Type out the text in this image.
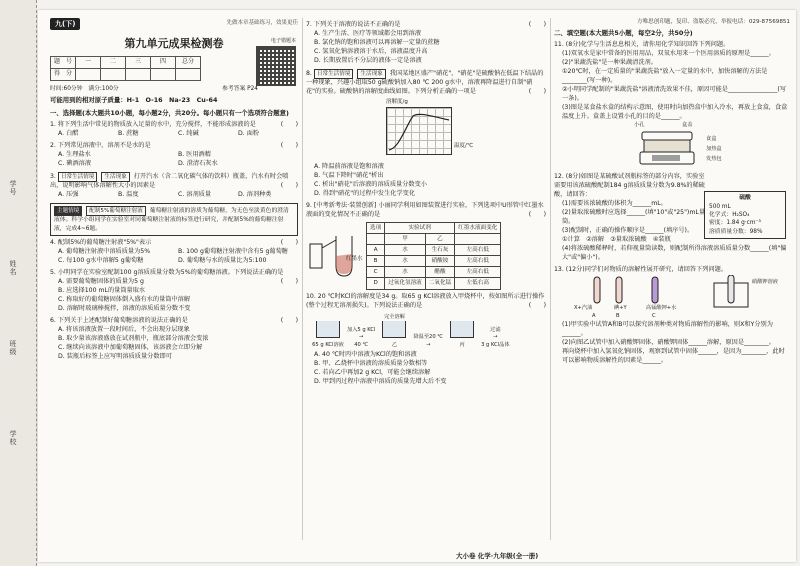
学号
姓名
班级
学校
九(下)	先做本章基础练习，效果更佳
第九单元成果检测卷	电子错题本
题　号	一	二	三	四	总分
得　分					
时间:60分钟　满分:100分	参考答案 P24
可能用到的相对原子质量：H-1　O-16　Na-23　Cu-64
一、选择题(本大题共10小题，每小题2分，共20分。每小题只有一个选项符合题意)
1. 将下列生活中常见的物质放入足量的水中，充分搅拌，不能形成溶液的是	(　　)
A. 白醋	B. 蔗糖	C. 纯碱	D. 面粉
2. 下列常见溶液中，溶剂不是水的是	(　　)
A. 生理盐水	B. 医用酒精
C. 碘酒溶液	D. 澄清石灰水
3. 日常生活情境 生活现象 打开汽水（含二氧化碳气体的饮料）瓶盖，汽水有时会喷出，说明影响气体溶解性大小的因素是	(　　)
A. 压强	B. 温度	C. 溶剂质量	D. 溶剂种类
主题情境 配制5%葡萄糖注射液 葡萄糖注射液的溶质为葡萄糖，为无色至淡黄色的澄清液体。科学小组同学在实验室对同葡萄糖注射液的标签进行研究，并配制5%的葡萄糖注射液，完成4~6题。
4. 配制5%的葡萄糖注射液"5%"表示	(　　)
A. 葡萄糖注射液中溶质质量为5%	B. 100 g葡萄糖注射液中含有5 g葡萄糖
C. 每100 g水中溶解5 g葡萄糖	D. 葡萄糖与水的质量比为5:100
5. 小明同学在实验室配制100 g溶质质量分数为5%的葡萄糖溶液。下列说法正确的是
(　　)
A. 需要葡萄糖固体的质量为5 g
B. 应选择100 mL的量筒量取水
C. 称取好的葡萄糖固体倒入盛有水的量筒中溶解
D. 溶解时玻璃棒搅拌，溶液的溶质质量分数不变
6. 下列关于上述配制好葡萄糖溶液的说法正确的是	(　　)
A. 将该溶液放置一段时间后，不会出现分层现象
B. 取少量该溶液盛放在试剂瓶中，瓶底部分溶液会变浓
C. 继续向该溶液中加葡萄糖固体，该溶液会立即分解
D. 装瓶后标签上应写明溶质质量分数即可
7. 下列关于溶液的说法不正确的是	(　　)
A. 生产生活、医疗等领域都会用到溶液
B. 氯化钠的饱和溶液可以再溶解一定量的蔗糖
C. 氢氧化钠溶液溶于水后，溶液温度升高
D. 长期放置后不分层的液体一定是溶液
8. 日常生活情境 生活现象 我国某地区盛产"硝花"，"硝花"是硫酸钠在低温下结晶的一种现象，兴趣小组取50 g硫酸钠加入80 ℃ 200 g水中，溶液再降温进行自制"硝花"的实验。硫酸钠的溶解度曲线如图。下列分析正确的一项是	(　　)
溶解度/g
温度/℃
A. 降温前溶液是饱和溶液
B. 气温下降时"硝花"析出
C. 析出"硝花"后溶液的溶质质量分数变小
D. 得到"硝花"的过程中发生化学变化
9. [中考新考法·装置创新] 小丽同学利用如图装置进行实验，下列选项中U形管中红墨水液面的变化情况不正确的是	(　　)
红墨水
选项	实验试剂		红墨水液面变化
	甲	乙	
A	水	生石灰	左高右低
B	水	硝酸铵	左高右低
C	水	醋酸	左高右低
D	过氧化氢溶液	二氧化锰	左低右高
10. 20 ℃时KCl的溶解度是34 g。取65 g KCl溶液放入甲烧杯中，按如图所示进行操作(整个过程无溶剂损失)。下列说法正确的是	(　　)
65 g KCl溶液
加入5 g KCl
→
40 ℃
完全溶解
乙
降温至20 ℃
→	丙
过滤
→
3 g KCl晶体
A. 40 ℃时丙中溶液为KCl的饱和溶液
B. 甲、乙烧杯中溶液的溶质质量分数相等
C. 若向乙中再加2 g KCl，可能会继续溶解
D. 甲到丙过程中溶液中溶质的质量先增大后不变
方唯思创印题，复印、盗版必究，举报电话：029-87569851
二、填空题(本大题共5小题，每空2分，共50分)
11. (8分)化学与生活息息相关，请你用化学知识回答下列问题。
(1)双氧水是家中常备的医用用品，双氧水用来一个医用溶质的原理是______。
(2)"果蔬洗盐"是一种果蔬清洗剂。
①20℃时，在一定质量的"果蔬洗盐"放入一定量的水中，加快溶解的方法是________(写一种)。
②小明同学配制的"果蔬洗盐"溶液清洗效果不佳，原因可能是________________(写一条)。
(3)图是某食盐水盒的结构示意图，使用时向加热盒中加入冷水，再放上食盒，食盒温度上升。盒盖上设置小孔的目的是______。
小孔	盒盖
食盒
加热盒
发热包
12. (8分)如图是某硫酸试剂瓶标签的部分内容，实验室需要用该浓硫酸配制184 g溶质质量分数为9.8%的稀硫酸，请回答：
硫酸
500 mL
化学式：H₂SO₄
密度：1.84 g·cm⁻³
溶质质量分数：98%
(1)需要该浓硫酸的体积为______mL。
(2)量取浓硫酸时应选择______(填"10"或"25")mL量筒。
(3)配制时，正确的操作顺序是______(填序号)。
①计算　②溶解　③量取浓硫酸　④装瓶
(4)将浓硫酸稀释时，若仰视量筒读数，则配制所得溶液溶质质量分数______(填"偏大"或"偏小")。
13. (12分)同学们对物质的溶解性展开研究，请回答下列问题。
X+汽油	碘+Y	高锰酸钾+水
硝酸钾溶液
A	B	C
(1)甲实验中试管A和B可以探究溶剂种类对物质溶解性的影响，则X和Y分别为______。
(2)向图乙试管中加入硝酸钾固体，硝酸钾固体______溶解，原因是________。
再向烧杯中加入氢氧化钠固体，观察到试管中固体______，是因为________，此时可以影响物质溶解性的因素是______。
大小卷 化学·九年级(全一册)
